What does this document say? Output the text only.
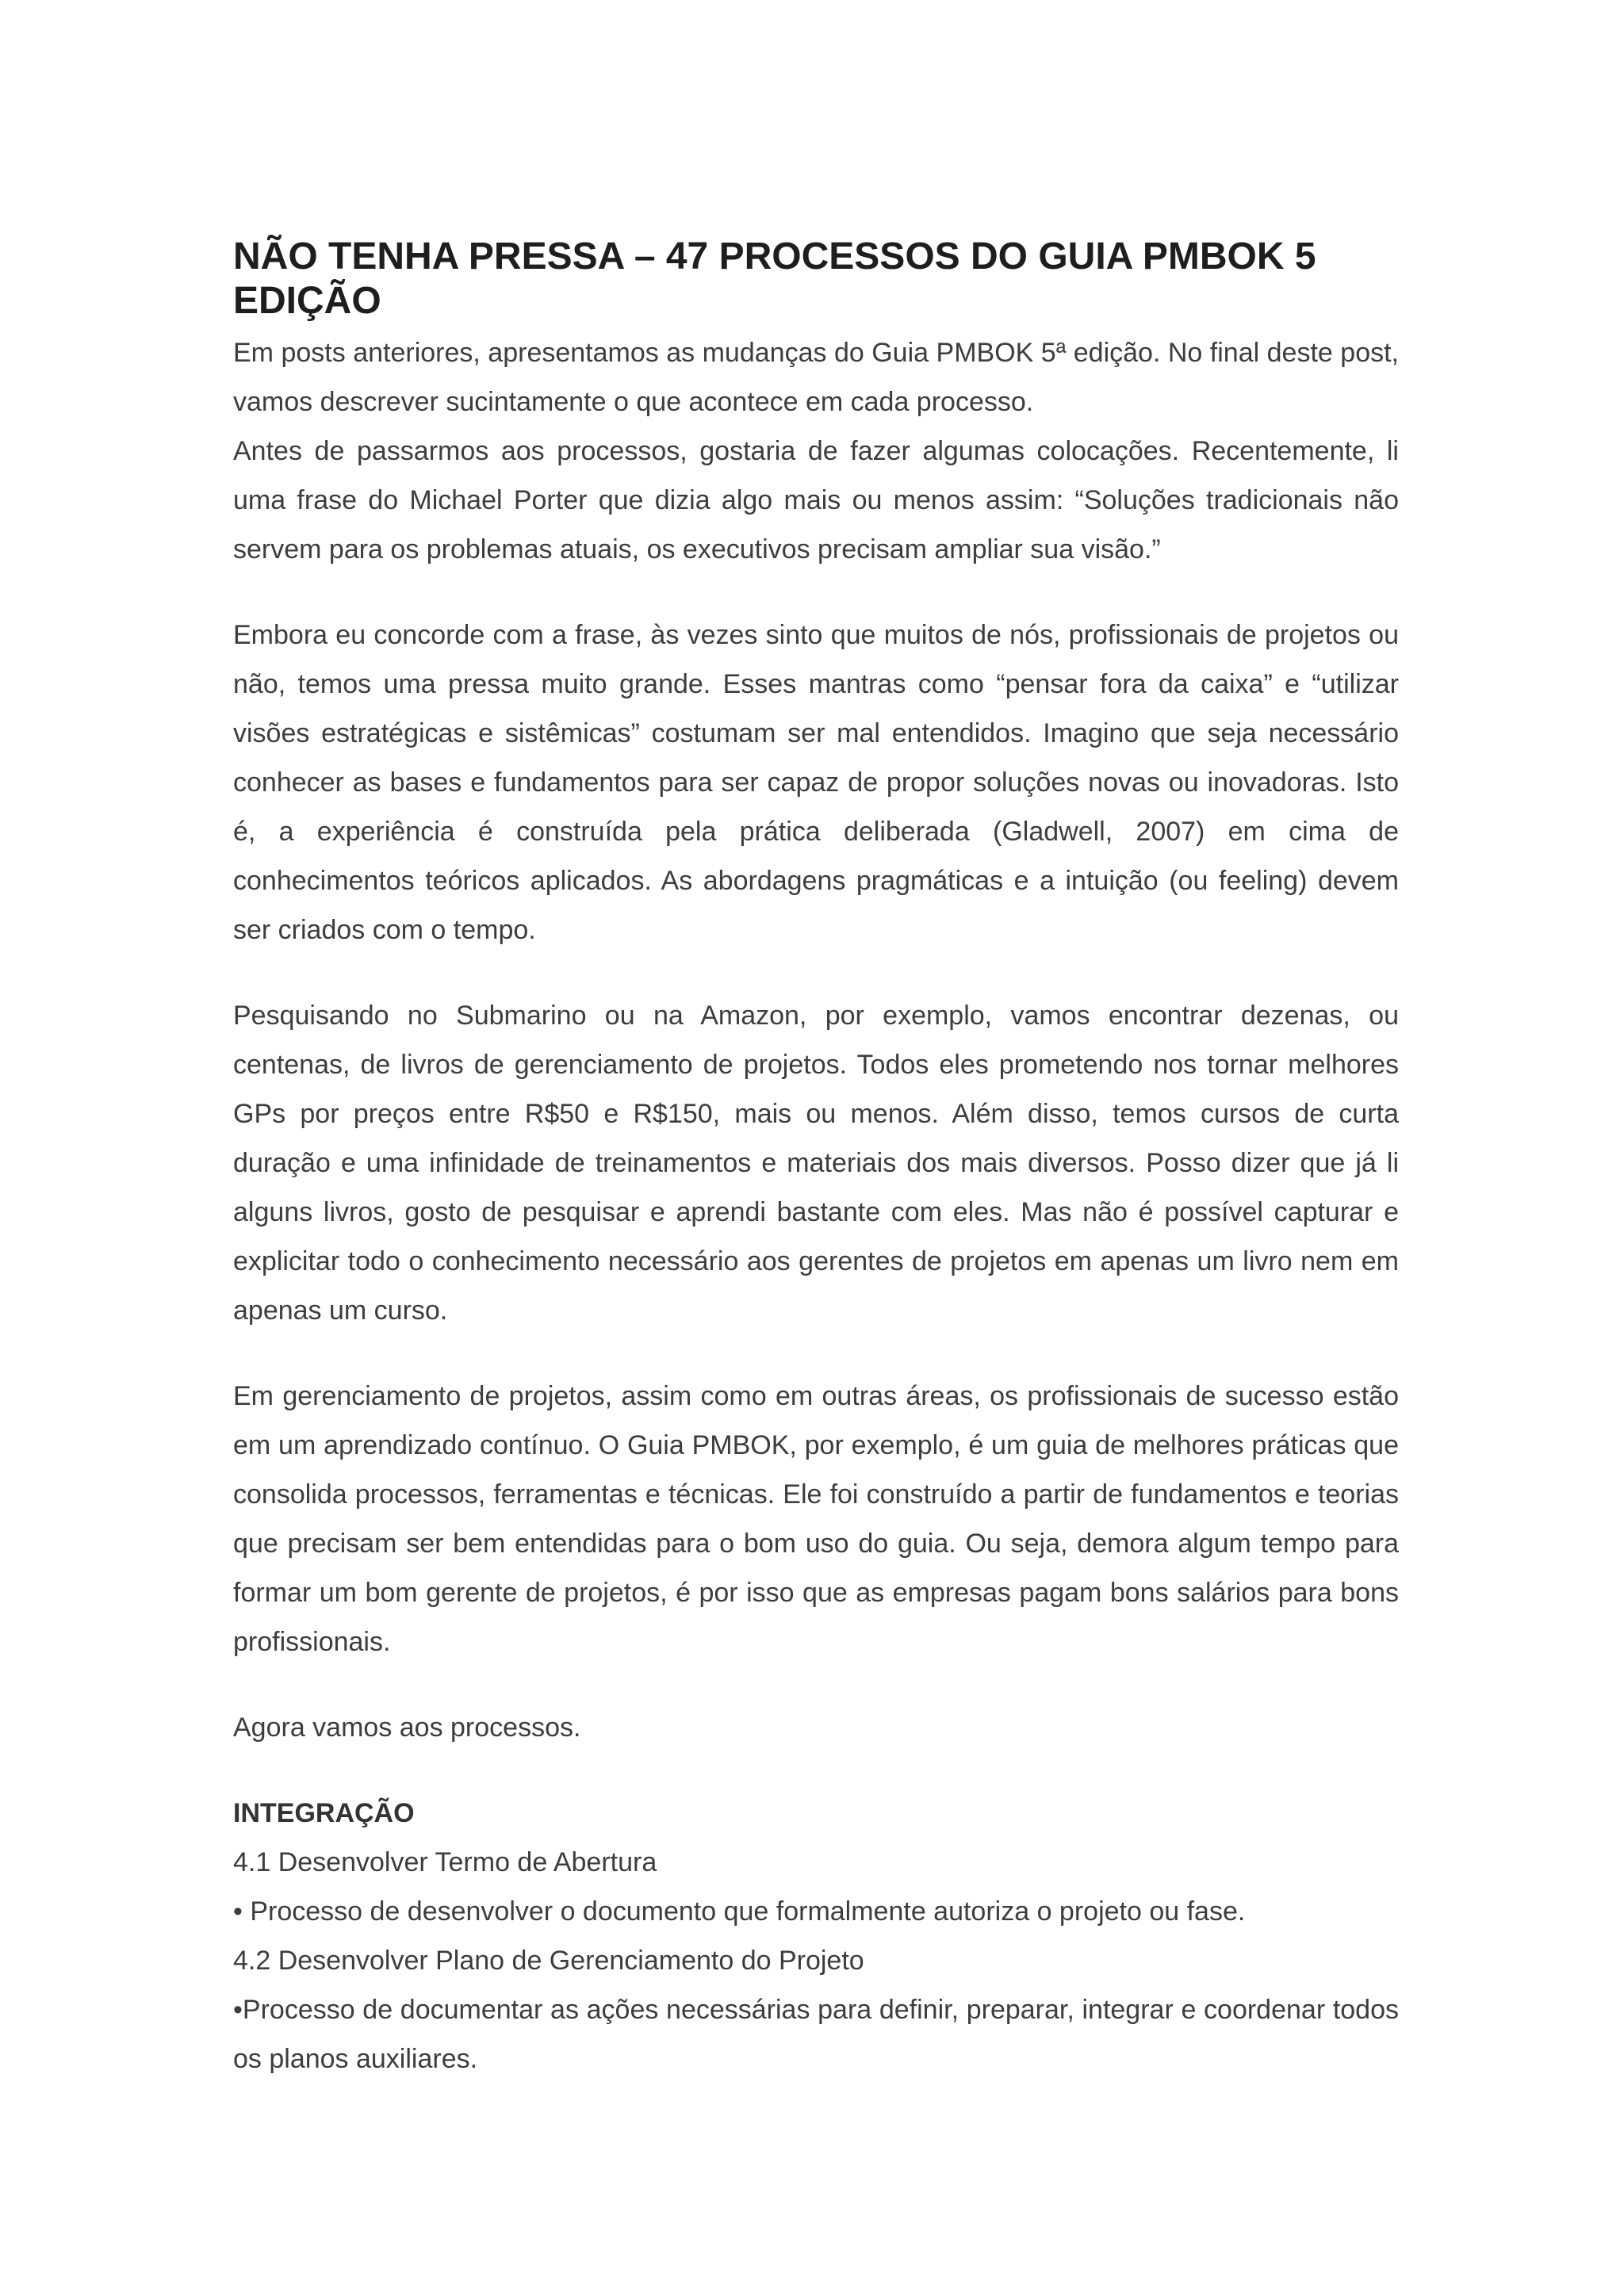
NÃO TENHA PRESSA – 47 PROCESSOS DO GUIA PMBOK 5 EDIÇÃO

Em posts anteriores, apresentamos as mudanças do Guia PMBOK 5ª edição. No final deste post, vamos descrever sucintamente o que acontece em cada processo.

Antes de passarmos aos processos, gostaria de fazer algumas colocações. Recentemente, li uma frase do Michael Porter que dizia algo mais ou menos assim: “Soluções tradicionais não servem para os problemas atuais, os executivos precisam ampliar sua visão.”

Embora eu concorde com a frase, às vezes sinto que muitos de nós, profissionais de projetos ou não, temos uma pressa muito grande. Esses mantras como “pensar fora da caixa” e “utilizar visões estratégicas e sistêmicas” costumam ser mal entendidos. Imagino que seja necessário conhecer as bases e fundamentos para ser capaz de propor soluções novas ou inovadoras. Isto é, a experiência é construída pela prática deliberada (Gladwell, 2007) em cima de conhecimentos teóricos aplicados. As abordagens pragmáticas e a intuição (ou feeling) devem ser criados com o tempo.

Pesquisando no Submarino ou na Amazon, por exemplo, vamos encontrar dezenas, ou centenas, de livros de gerenciamento de projetos. Todos eles prometendo nos tornar melhores GPs por preços entre R$50 e R$150, mais ou menos. Além disso, temos cursos de curta duração e uma infinidade de treinamentos e materiais dos mais diversos. Posso dizer que já li alguns livros, gosto de pesquisar e aprendi bastante com eles. Mas não é possível capturar e explicitar todo o conhecimento necessário aos gerentes de projetos em apenas um livro nem em apenas um curso.

Em gerenciamento de projetos, assim como em outras áreas, os profissionais de sucesso estão em um aprendizado contínuo. O Guia PMBOK, por exemplo, é um guia de melhores práticas que consolida processos, ferramentas e técnicas. Ele foi construído a partir de fundamentos e teorias que precisam ser bem entendidas para o bom uso do guia. Ou seja, demora algum tempo para formar um bom gerente de projetos, é por isso que as empresas pagam bons salários para bons profissionais.

Agora vamos aos processos.

INTEGRAÇÃO

4.1 Desenvolver Termo de Abertura

• Processo de desenvolver o documento que formalmente autoriza o projeto ou fase.

4.2 Desenvolver Plano de Gerenciamento do Projeto

•Processo de documentar as ações necessárias para definir, preparar, integrar e coordenar todos os planos auxiliares.
